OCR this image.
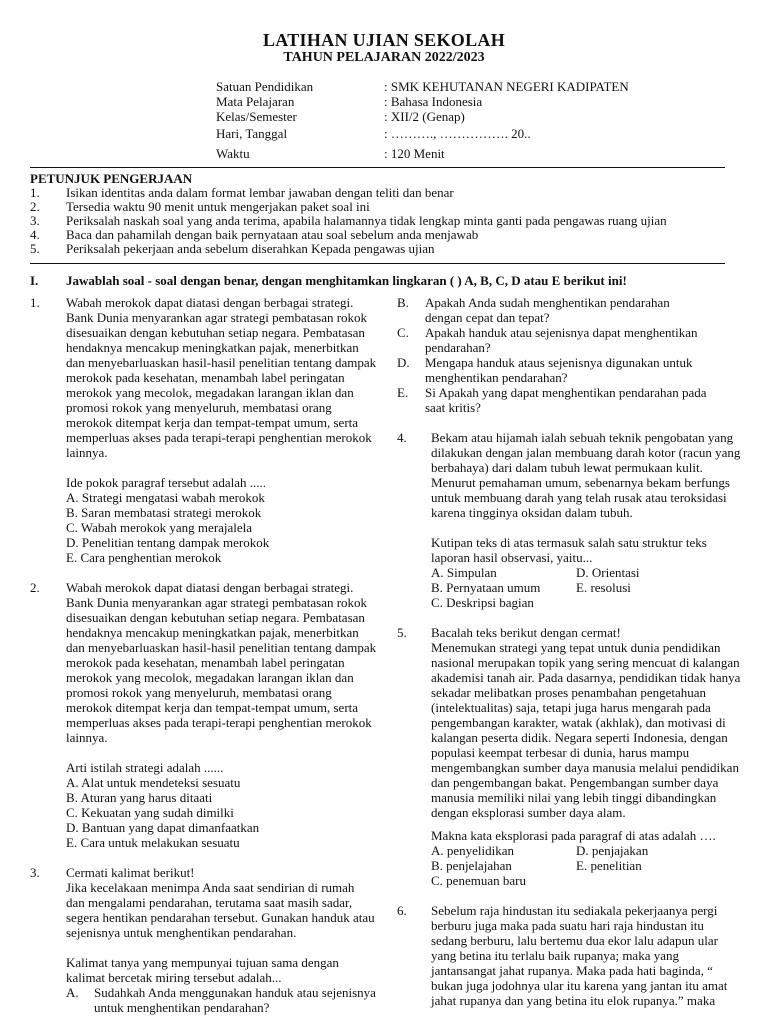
LATIHAN UJIAN SEKOLAH
TAHUN PELAJARAN 2022/2023
Satuan Pendidikan	: SMK KEHUTANAN NEGERI KADIPATEN
Mata Pelajaran	: Bahasa Indonesia
Kelas/Semester	: XII/2 (Genap)
Hari, Tanggal	: ………., ……………. 20..
Waktu	: 120 Menit
PETUNJUK PENGERJAAN
1. Isikan identitas anda dalam format lembar jawaban dengan teliti dan benar
2. Tersedia waktu 90 menit untuk mengerjakan paket soal ini
3. Periksalah naskah soal yang anda terima, apabila halamannya tidak lengkap minta ganti pada pengawas ruang ujian
4. Baca dan pahamilah dengan baik pernyataan atau soal sebelum anda menjawab
5. Periksalah pekerjaan anda sebelum diserahkan Kepada pengawas ujian
I. Jawablah soal - soal dengan benar, dengan menghitamkan lingkaran ( ) A, B, C, D atau E berikut ini!
1. Wabah merokok dapat diatasi dengan berbagai strategi.
Bank Dunia menyarankan agar strategi pembatasan rokok
disesuaikan dengan kebutuhan setiap negara. Pembatasan
hendaknya mencakup meningkatkan pajak, menerbitkan
dan menyebarluaskan hasil-hasil penelitian tentang dampak
merokok pada kesehatan, menambah label peringatan
merokok yang mecolok, megadakan larangan iklan dan
promosi rokok yang menyeluruh, membatasi orang
merokok ditempat kerja dan tempat-tempat umum, serta
memperluas akses pada terapi-terapi penghentian merokok
lainnya.
Ide pokok paragraf tersebut adalah .....
A. Strategi mengatasi wabah merokok
B. Saran membatasi strategi merokok
C. Wabah merokok yang merajalela
D. Penelitian tentang dampak merokok
E. Cara penghentian merokok
2. Wabah merokok dapat diatasi dengan berbagai strategi.
Bank Dunia menyarankan agar strategi pembatasan rokok
disesuaikan dengan kebutuhan setiap negara. Pembatasan
hendaknya mencakup meningkatkan pajak, menerbitkan
dan menyebarluaskan hasil-hasil penelitian tentang dampak
merokok pada kesehatan, menambah label peringatan
merokok yang mecolok, megadakan larangan iklan dan
promosi rokok yang menyeluruh, membatasi orang
merokok ditempat kerja dan tempat-tempat umum, serta
memperluas akses pada terapi-terapi penghentian merokok
lainnya.
Arti istilah strategi adalah ......
A. Alat untuk mendeteksi sesuatu
B. Aturan yang harus ditaati
C. Kekuatan yang sudah dimilki
D. Bantuan yang dapat dimanfaatkan
E. Cara untuk melakukan sesuatu
3. Cermati kalimat berikut!
Jika kecelakaan menimpa Anda saat sendirian di rumah
dan mengalami pendarahan, terutama saat masih sadar,
segera hentikan pendarahan tersebut. Gunakan handuk atau
sejenisnya untuk menghentikan pendarahan.
Kalimat tanya yang mempunyai tujuan sama dengan
kalimat bercetak miring tersebut adalah...
A. Sudahkah Anda menggunakan handuk atau sejenisnya
untuk menghentikan pendarahan?
B. Apakah Anda sudah menghentikan pendarahan
dengan cepat dan tepat?
C. Apakah handuk atau sejenisnya dapat menghentikan
pendarahan?
D. Mengapa handuk ataus sejenisnya digunakan untuk
menghentikan pendarahan?
E. Si Apakah yang dapat menghentikan pendarahan pada
saat kritis?
4. Bekam atau hijamah ialah sebuah teknik pengobatan yang
dilakukan dengan jalan membuang darah kotor (racun yang
berbahaya) dari dalam tubuh lewat permukaan kulit.
Menurut pemahaman umum, sebenarnya bekam berfungs
untuk membuang darah yang telah rusak atau teroksidasi
karena tingginya oksidan dalam tubuh.
Kutipan teks di atas termasuk salah satu struktur teks
laporan hasil observasi, yaitu...
A. Simpulan	D. Orientasi
B. Pernyataan umum	E. resolusi
C. Deskripsi bagian
5. Bacalah teks berikut dengan cermat!
Menemukan strategi yang tepat untuk dunia pendidikan
nasional merupakan topik yang sering mencuat di kalangan
akademisi tanah air. Pada dasarnya, pendidikan tidak hanya
sekadar melibatkan proses penambahan pengetahuan
(intelektualitas) saja, tetapi juga harus mengarah pada
pengembangan karakter, watak (akhlak), dan motivasi di
kalangan peserta didik. Negara seperti Indonesia, dengan
populasi keempat terbesar di dunia, harus mampu
mengembangkan sumber daya manusia melalui pendidikan
dan pengembangan bakat. Pengembangan sumber daya
manusia memiliki nilai yang lebih tinggi dibandingkan
dengan eksplorasi sumber daya alam.
Makna kata eksplorasi pada paragraf di atas adalah ….
A. penyelidikan	D. penjajakan
B. penjelajahan	E. penelitian
C. penemuan baru
6. Sebelum raja hindustan itu sediakala pekerjaanya pergi
berburu juga maka pada suatu hari raja hindustan itu
sedang berburu, lalu bertemu dua ekor lalu adapun ular
yang betina itu terlalu baik rupanya; maka yang
jantansangat jahat rupanya. Maka pada hati baginda, “
bukan juga jodohnya ular itu karena yang jantan itu amat
jahat rupanya dan yang betina itu elok rupanya.” maka
